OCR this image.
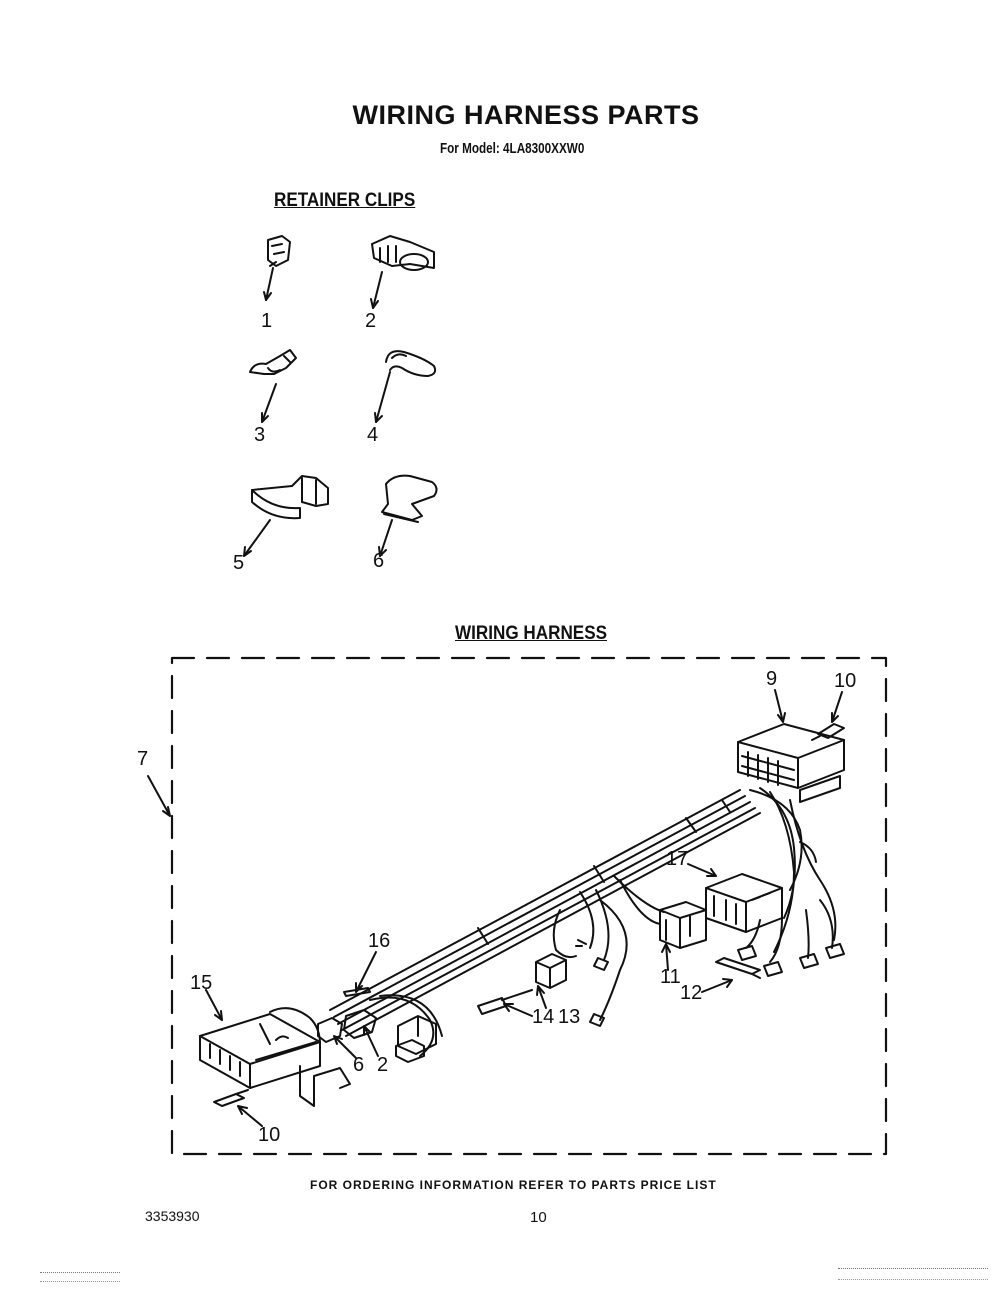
WIRING HARNESS PARTS
For Model: 4LA8300XXW0
RETAINER CLIPS
WIRING HARNESS
1	2
3	4
5	6
7
9	10
17
16
15	11
12
14 13
6 2
10
FOR ORDERING INFORMATION REFER TO PARTS PRICE LIST
3353930	10
